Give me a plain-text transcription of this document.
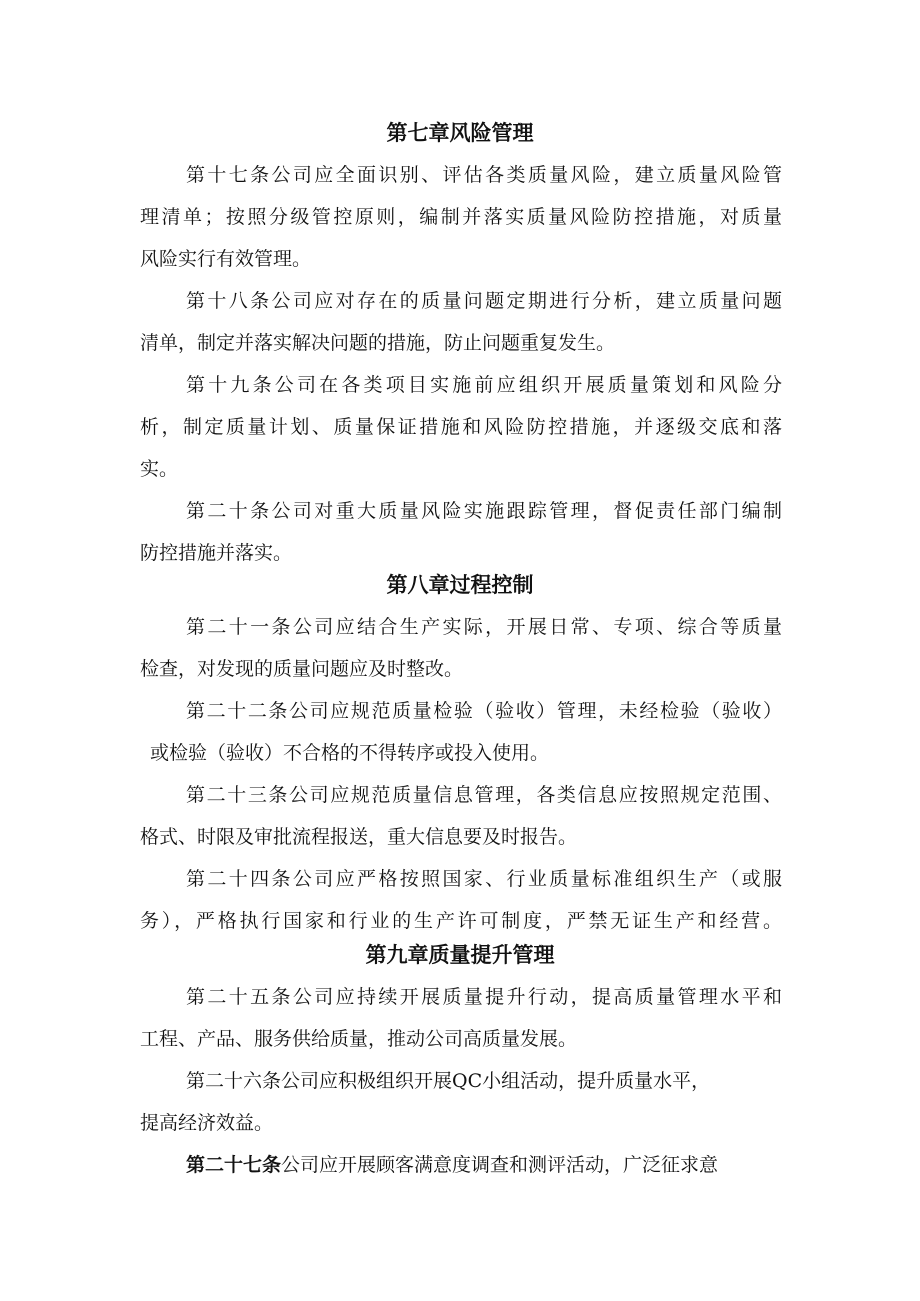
第七章风险管理
第十七条公司应全面识别、评估各类质量风险，建立质量风险管
理清单；按照分级管控原则，编制并落实质量风险防控措施，对质量
风险实行有效管理。
第十八条公司应对存在的质量问题定期进行分析，建立质量问题
清单，制定并落实解决问题的措施，防止问题重复发生。
第十九条公司在各类项目实施前应组织开展质量策划和风险分
析，制定质量计划、质量保证措施和风险防控措施，并逐级交底和落
实。
第二十条公司对重大质量风险实施跟踪管理，督促责任部门编制
防控措施并落实。
第八章过程控制
第二十一条公司应结合生产实际，开展日常、专项、综合等质量
检查，对发现的质量问题应及时整改。
第二十二条公司应规范质量检验（验收）管理，未经检验（验收）
或检验（验收）不合格的不得转序或投入使用。
第二十三条公司应规范质量信息管理，各类信息应按照规定范围、
格式、时限及审批流程报送，重大信息要及时报告。
第二十四条公司应严格按照国家、行业质量标准组织生产（或服
务），严格执行国家和行业的生产许可制度，严禁无证生产和经营。
第九章质量提升管理
第二十五条公司应持续开展质量提升行动，提高质量管理水平和
工程、产品、服务供给质量，推动公司高质量发展。
第二十六条公司应积极组织开展QC小组活动，提升质量水平，
提高经济效益。
第二十七条公司应开展顾客满意度调查和测评活动，广泛征求意
